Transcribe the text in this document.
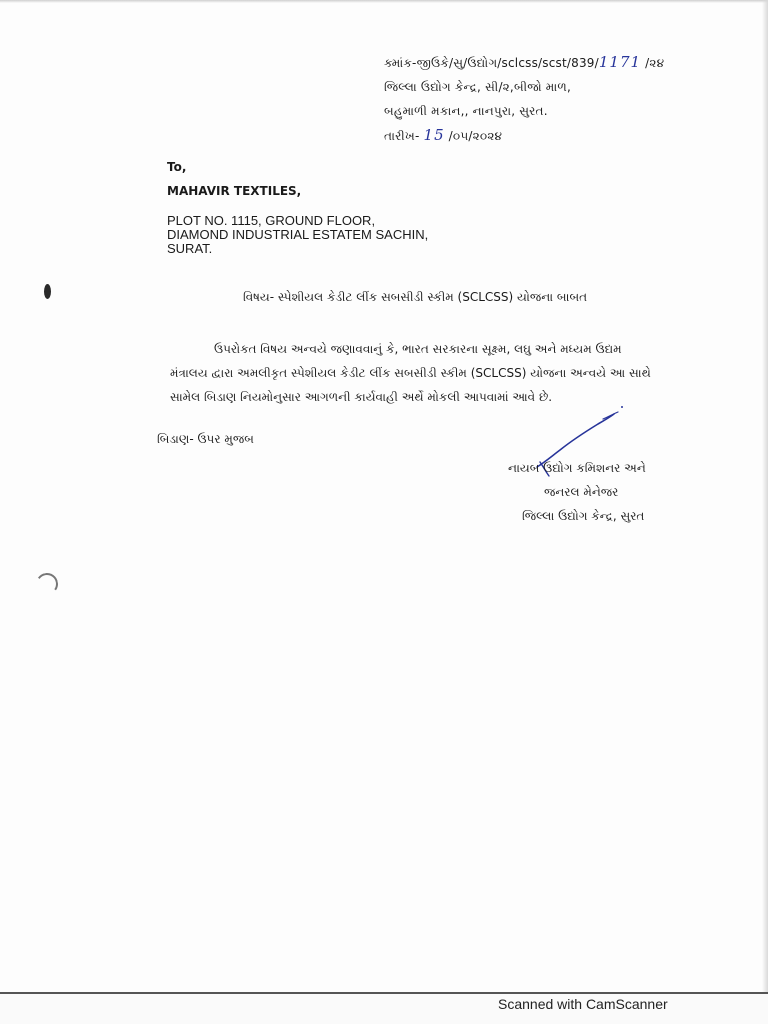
ક્માંક-જીઉકે/સુ/ઉદ્યોગ/sclcss/scst/839/1171 /૨૪
જિલ્લા ઉદ્યોગ કેન્દ્ર, સી/૨,બીજો માળ,
બહુમાળી મકાન,, નાનપુરા, સુરત.
તારીખ- 15 /૦૫/૨૦૨૪
To,
MAHAVIR TEXTILES,
PLOT NO. 1115, GROUND FLOOR,
DIAMOND INDUSTRIAL ESTATEM SACHIN,
SURAT.
વિષય- સ્પેશીયલ કેડીટ લીંક સબસીડી સ્કીમ (SCLCSS) યોજના બાબત
ઉપરોકત વિષય અન્વયે જણાવવાનું કે, ભારત સરકારના સૂક્ષ્મ, લઘુ અને મધ્યમ ઉદ્યમ
મંત્રાલય દ્વારા અમલીકૃત સ્પેશીયલ કેડીટ લીંક સબસીડી સ્કીમ (SCLCSS) યોજના અન્વયે આ સાથે
સામેલ બિડાણ નિયમોનુસાર આગળની કાર્યવાહી અર્થે મોકલી આપવામાં આવે છે.
બિડાણ- ઉપર મુજબ
નાયબ ઉદ્યોગ કમિશનર અને
જનરલ મેનેજર
જિલ્લા ઉદ્યોગ કેન્દ્ર, સુરત
Scanned with CamScanner
